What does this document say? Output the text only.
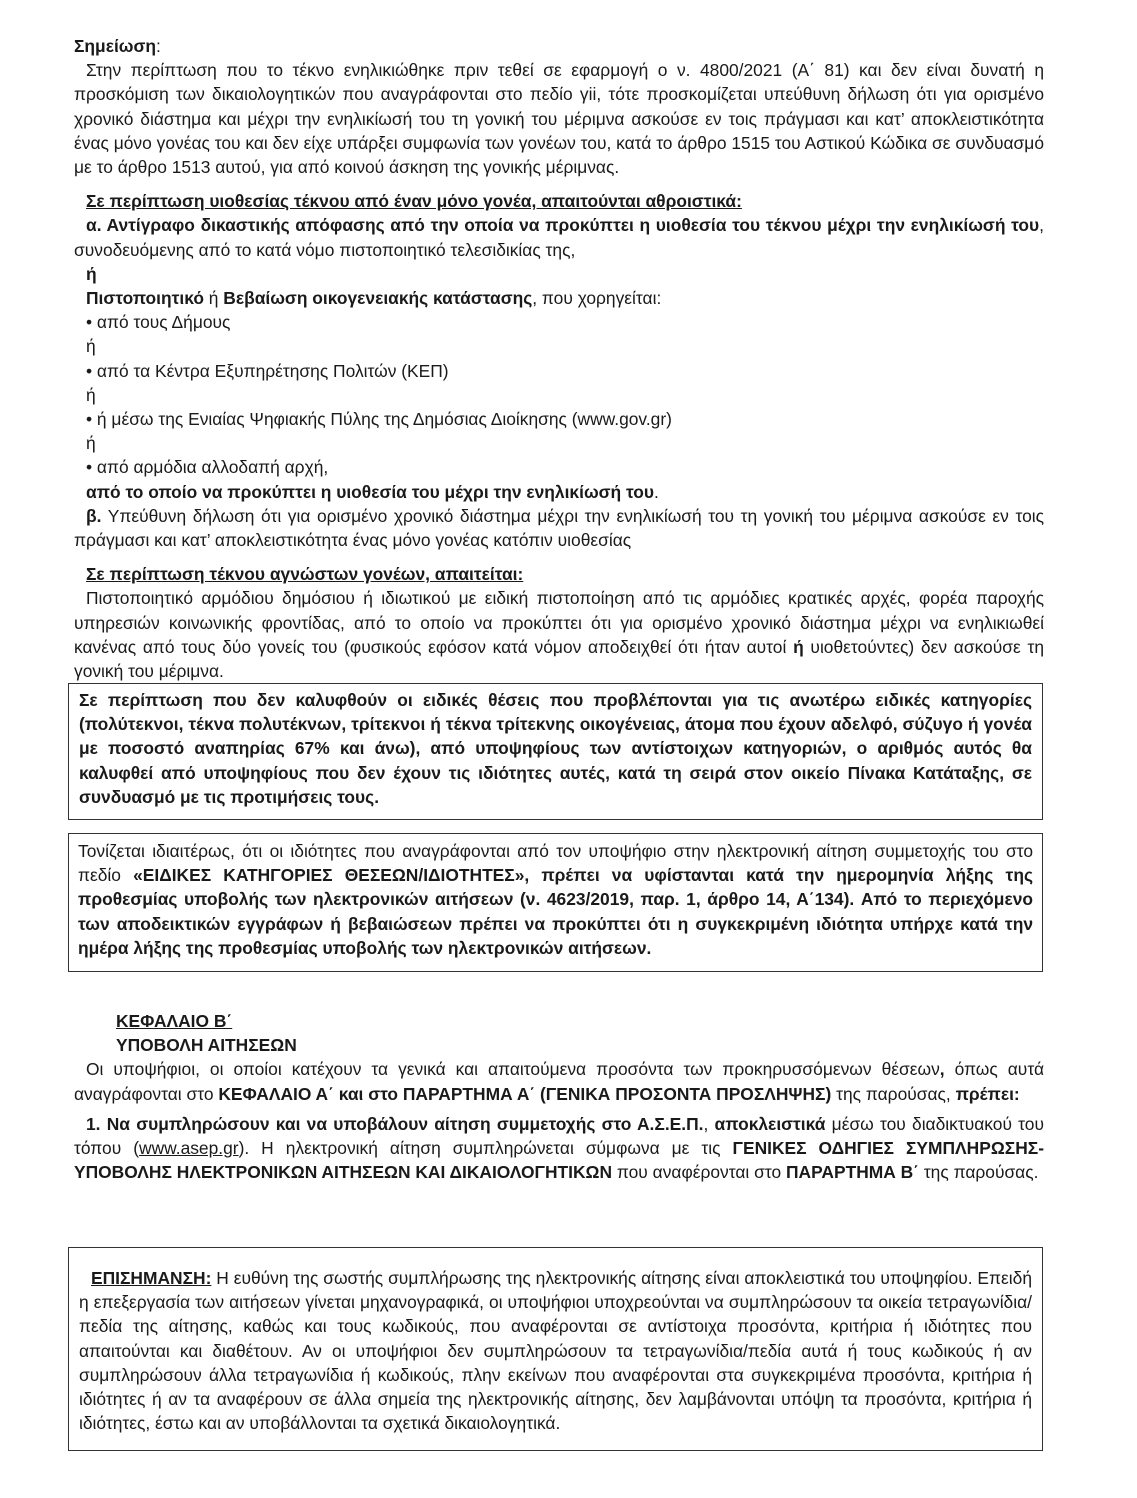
Σημείωση:

Στην περίπτωση που το τέκνο ενηλικιώθηκε πριν τεθεί σε εφαρμογή ο ν. 4800/2021 (Α΄ 81) και δεν είναι δυνατή η προσκόμιση των δικαιολογητικών που αναγράφονται στο πεδίο γii, τότε προσκομίζεται υπεύθυνη δήλωση ότι για ορισμένο χρονικό διάστημα και μέχρι την ενηλικίωσή του τη γονική του μέριμνα ασκούσε εν τοις πράγμασι και κατ’ αποκλειστικότητα ένας μόνο γονέας του και δεν είχε υπάρξει συμφωνία των γονέων του, κατά το άρθρο 1515 του Αστικού Κώδικα σε συνδυασμό με το άρθρο 1513 αυτού, για από κοινού άσκηση της γονικής μέριμνας.

Σε περίπτωση υιοθεσίας τέκνου από έναν μόνο γονέα, απαιτούνται αθροιστικά:

α. Αντίγραφο δικαστικής απόφασης από την οποία να προκύπτει η υιοθεσία του τέκνου μέχρι την ενηλικίωσή του, συνοδευόμενης από το κατά νόμο πιστοποιητικό τελεσιδικίας της,

ή

Πιστοποιητικό ή Βεβαίωση οικογενειακής κατάστασης, που χορηγείται:

• από τους Δήμους

ή

• από τα Κέντρα Εξυπηρέτησης Πολιτών (ΚΕΠ)

ή

• ή μέσω της Ενιαίας Ψηφιακής Πύλης της Δημόσιας Διοίκησης (www.gov.gr)

ή

• από αρμόδια αλλοδαπή αρχή,

από το οποίο να προκύπτει η υιοθεσία του μέχρι την ενηλικίωσή του.

β. Υπεύθυνη δήλωση ότι για ορισμένο χρονικό διάστημα μέχρι την ενηλικίωσή του τη γονική του μέριμνα ασκούσε εν τοις πράγμασι και κατ’ αποκλειστικότητα ένας μόνο γονέας κατόπιν υιοθεσίας

Σε περίπτωση τέκνου αγνώστων γονέων, απαιτείται:

Πιστοποιητικό αρμόδιου δημόσιου ή ιδιωτικού με ειδική πιστοποίηση από τις αρμόδιες κρατικές αρχές, φορέα παροχής υπηρεσιών κοινωνικής φροντίδας, από το οποίο να προκύπτει ότι για ορισμένο χρονικό διάστημα μέχρι να ενηλικιωθεί κανένας από τους δύο γονείς του (φυσικούς εφόσον κατά νόμον αποδειχθεί ότι ήταν αυτοί ή υιοθετούντες) δεν ασκούσε τη γονική του μέριμνα.

Σε περίπτωση που δεν καλυφθούν οι ειδικές θέσεις που προβλέπονται για τις ανωτέρω ειδικές κατηγορίες (πολύτεκνοι, τέκνα πολυτέκνων, τρίτεκνοι ή τέκνα τρίτεκνης οικογένειας, άτομα που έχουν αδελφό, σύζυγο ή γονέα με ποσοστό αναπηρίας 67% και άνω), από υποψηφίους των αντίστοιχων κατηγοριών, ο αριθμός αυτός θα καλυφθεί από υποψηφίους που δεν έχουν τις ιδιότητες αυτές, κατά τη σειρά στον οικείο Πίνακα Κατάταξης, σε συνδυασμό με τις προτιμήσεις τους.

Τονίζεται ιδιαιτέρως, ότι οι ιδιότητες που αναγράφονται από τον υποψήφιο στην ηλεκτρονική αίτηση συμμετοχής του στο πεδίο «ΕΙΔΙΚΕΣ ΚΑΤΗΓΟΡΙΕΣ ΘΕΣΕΩΝ/ΙΔΙΟΤΗΤΕΣ», πρέπει να υφίστανται κατά την ημερομηνία λήξης της προθεσμίας υποβολής των ηλεκτρονικών αιτήσεων (ν. 4623/2019, παρ. 1, άρθρο 14, Α΄134). Από το περιεχόμενο των αποδεικτικών εγγράφων ή βεβαιώσεων πρέπει να προκύπτει ότι η συγκεκριμένη ιδιότητα υπήρχε κατά την ημέρα λήξης της προθεσμίας υποβολής των ηλεκτρονικών αιτήσεων.

ΚΕΦΑΛΑΙΟ Β΄

ΥΠΟΒΟΛΗ ΑΙΤΗΣΕΩΝ

Οι υποψήφιοι, οι οποίοι κατέχουν τα γενικά και απαιτούμενα προσόντα των προκηρυσσόμενων θέσεων, όπως αυτά αναγράφονται στο ΚΕΦΑΛΑΙΟ Α΄ και στο ΠΑΡΑΡΤΗΜΑ Α΄ (ΓΕΝΙΚΑ ΠΡΟΣΟΝΤΑ ΠΡΟΣΛΗΨΗΣ) της παρούσας, πρέπει:

1. Να συμπληρώσουν και να υποβάλουν αίτηση συμμετοχής στο Α.Σ.Ε.Π., αποκλειστικά μέσω του διαδικτυακού του τόπου (www.asep.gr). Η ηλεκτρονική αίτηση συμπληρώνεται σύμφωνα με τις ΓΕΝΙΚΕΣ ΟΔΗΓΙΕΣ ΣΥΜΠΛΗΡΩΣΗΣ-ΥΠΟΒΟΛΗΣ ΗΛΕΚΤΡΟΝΙΚΩΝ ΑΙΤΗΣΕΩΝ ΚΑΙ ΔΙΚΑΙΟΛΟΓΗΤΙΚΩΝ που αναφέρονται στο ΠΑΡΑΡΤΗΜΑ Β΄ της παρούσας.

ΕΠΙΣΗΜΑΝΣΗ: Η ευθύνη της σωστής συμπλήρωσης της ηλεκτρονικής αίτησης είναι αποκλειστικά του υποψηφίου. Επειδή η επεξεργασία των αιτήσεων γίνεται μηχανογραφικά, οι υποψήφιοι υποχρεούνται να συμπληρώσουν τα οικεία τετραγωνίδια/πεδία της αίτησης, καθώς και τους κωδικούς, που αναφέρονται σε αντίστοιχα προσόντα, κριτήρια ή ιδιότητες που απαιτούνται και διαθέτουν. Αν οι υποψήφιοι δεν συμπληρώσουν τα τετραγωνίδια/πεδία αυτά ή τους κωδικούς ή αν συμπληρώσουν άλλα τετραγωνίδια ή κωδικούς, πλην εκείνων που αναφέρονται στα συγκεκριμένα προσόντα, κριτήρια ή ιδιότητες ή αν τα αναφέρουν σε άλλα σημεία της ηλεκτρονικής αίτησης, δεν λαμβάνονται υπόψη τα προσόντα, κριτήρια ή ιδιότητες, έστω και αν υποβάλλονται τα σχετικά δικαιολογητικά.
